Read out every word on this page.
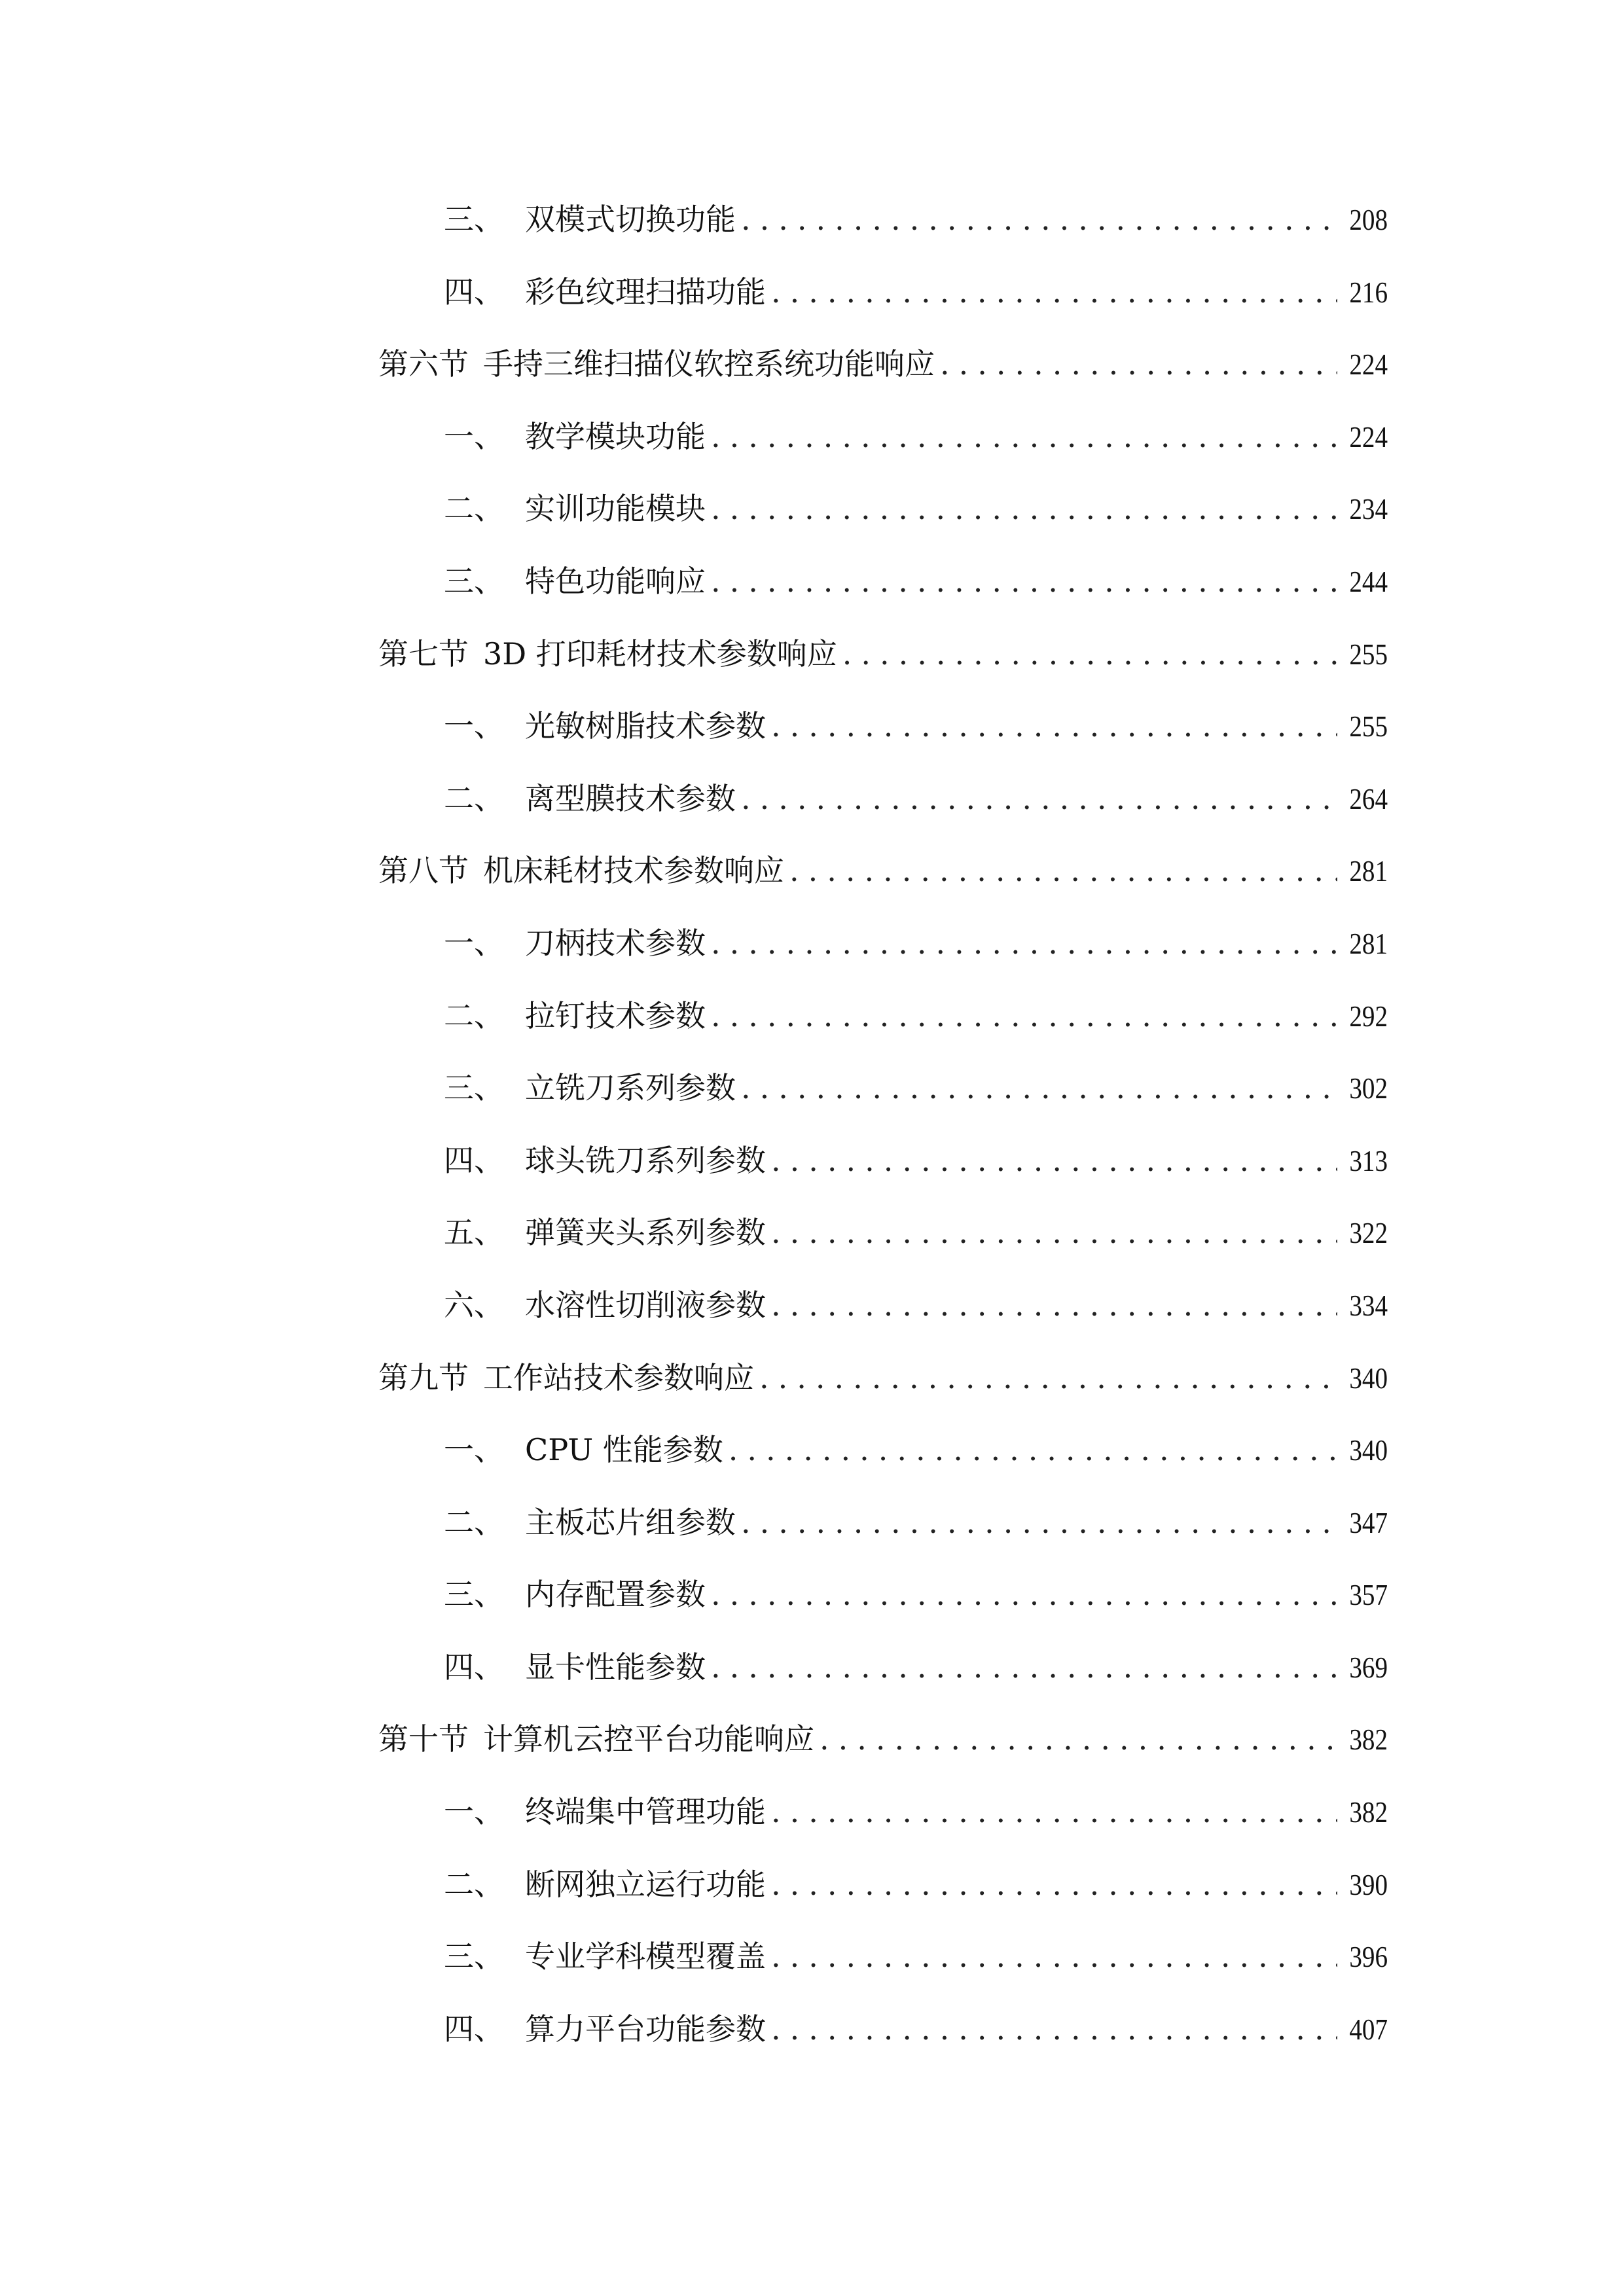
三、 双模式切换功能 .....	208
四、 彩色纹理扫描功能 .....	216
第六节 手持三维扫描仪软控系统功能响应 .....	224
一、 教学模块功能 .....	224
二、 实训功能模块 .....	234
三、 特色功能响应 .....	244
第七节 3D 打印耗材技术参数响应 .....	255
一、 光敏树脂技术参数 .....	255
二、 离型膜技术参数 .....	264
第八节 机床耗材技术参数响应 .....	281
一、 刀柄技术参数 .....	281
二、 拉钉技术参数 .....	292
三、 立铣刀系列参数 .....	302
四、 球头铣刀系列参数 .....	313
五、 弹簧夹头系列参数 .....	322
六、 水溶性切削液参数 .....	334
第九节 工作站技术参数响应 .....	340
一、 CPU 性能参数 .....	340
二、 主板芯片组参数 .....	347
三、 内存配置参数 .....	357
四、 显卡性能参数 .....	369
第十节 计算机云控平台功能响应 .....	382
一、 终端集中管理功能 .....	382
二、 断网独立运行功能 .....	390
三、 专业学科模型覆盖 .....	396
四、 算力平台功能参数 .....	407
